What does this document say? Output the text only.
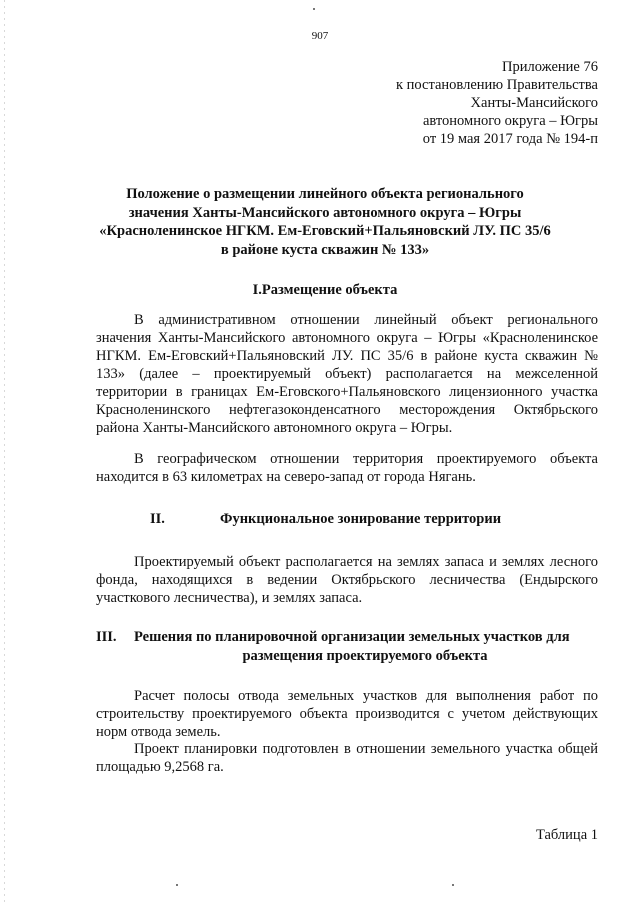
907
Приложение 76
к постановлению Правительства
Ханты-Мансийского
автономного округа – Югры
от 19 мая 2017 года № 194-п
Положение о размещении линейного объекта регионального значения Ханты-Мансийского автономного округа – Югры «Красноленинское НГКМ. Ем-Еговский+Пальяновский ЛУ. ПС 35/6 в районе куста скважин № 133»
I.Размещение объекта
В административном отношении линейный объект регионального значения Ханты-Мансийского автономного округа – Югры «Красноленинское НГКМ. Ем-Еговский+Пальяновский ЛУ. ПС 35/6 в районе куста скважин № 133» (далее – проектируемый объект) располагается на межселенной территории в границах Ем-Еговского+Пальяновского лицензионного участка Красноленинского нефтегазоконденсатного месторождения Октябрьского района Ханты-Мансийского автономного округа – Югры.
В географическом отношении территория проектируемого объекта находится в 63 километрах на северо-запад от города Нягань.
II.	Функциональное зонирование территории
Проектируемый объект располагается на землях запаса и землях лесного фонда, находящихся в ведении Октябрьского лесничества (Ендырского участкового лесничества), и землях запаса.
III. Решения по планировочной организации земельных участков для
размещения проектируемого объекта
Расчет полосы отвода земельных участков для выполнения работ по строительству проектируемого объекта производится с учетом действующих норм отвода земель.
Проект планировки подготовлен в отношении земельного участка общей площадью 9,2568 га.
Таблица 1
